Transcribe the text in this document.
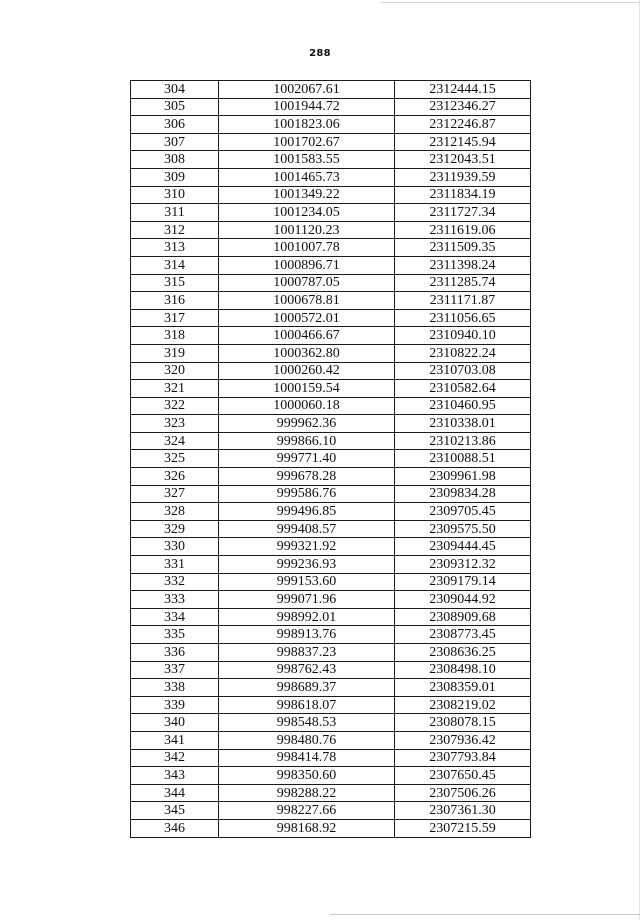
288
304	1002067.61	2312444.15
305	1001944.72	2312346.27
306	1001823.06	2312246.87
307	1001702.67	2312145.94
308	1001583.55	2312043.51
309	1001465.73	2311939.59
310	1001349.22	2311834.19
311	1001234.05	2311727.34
312	1001120.23	2311619.06
313	1001007.78	2311509.35
314	1000896.71	2311398.24
315	1000787.05	2311285.74
316	1000678.81	2311171.87
317	1000572.01	2311056.65
318	1000466.67	2310940.10
319	1000362.80	2310822.24
320	1000260.42	2310703.08
321	1000159.54	2310582.64
322	1000060.18	2310460.95
323	999962.36	2310338.01
324	999866.10	2310213.86
325	999771.40	2310088.51
326	999678.28	2309961.98
327	999586.76	2309834.28
328	999496.85	2309705.45
329	999408.57	2309575.50
330	999321.92	2309444.45
331	999236.93	2309312.32
332	999153.60	2309179.14
333	999071.96	2309044.92
334	998992.01	2308909.68
335	998913.76	2308773.45
336	998837.23	2308636.25
337	998762.43	2308498.10
338	998689.37	2308359.01
339	998618.07	2308219.02
340	998548.53	2308078.15
341	998480.76	2307936.42
342	998414.78	2307793.84
343	998350.60	2307650.45
344	998288.22	2307506.26
345	998227.66	2307361.30
346	998168.92	2307215.59
